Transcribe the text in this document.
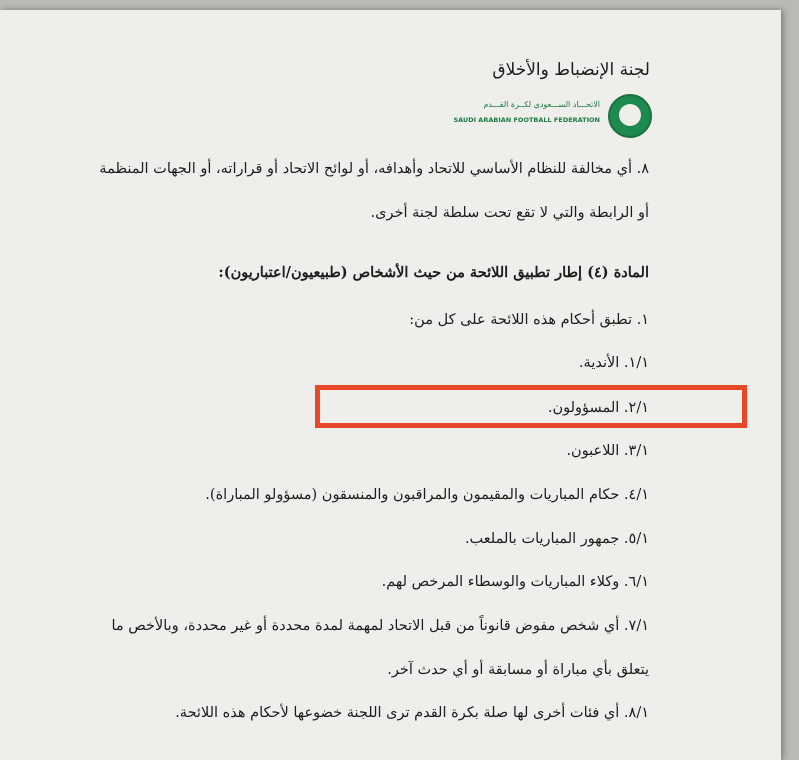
لجنة الإنضباط والأخلاق
الاتحـــاد الســـعودي لكــرة القـــدم
SAUDI ARABIAN FOOTBALL FEDERATION
٨. أي مخالفة للنظام الأساسي للاتحاد وأهدافه، أو لوائح الاتحاد أو قراراته، أو الجهات المنظمة
أو الرابطة والتي لا تقع تحت سلطة لجنة أخرى.
المادة (٤) إطار تطبيق اللائحة من حيث الأشخاص (طبيعيون/اعتباريون):
١. تطبق أحكام هذه اللائحة على كل من:
١/١. الأندية.
٢/١. المسؤولون.
٣/١. اللاعبون.
٤/١. حكام المباريات والمقيمون والمراقبون والمنسقون (مسؤولو المباراة).
٥/١. جمهور المباريات بالملعب.
٦/١. وكلاء المباريات والوسطاء المرخص لهم.
٧/١. أي شخص مفوض قانوناً من قبل الاتحاد لمهمة لمدة محددة أو غير محددة، وبالأخص ما
يتعلق بأي مباراة أو مسابقة أو أي حدث آخر.
٨/١. أي فئات أخرى لها صلة بكرة القدم ترى اللجنة خضوعها لأحكام هذه اللائحة.
